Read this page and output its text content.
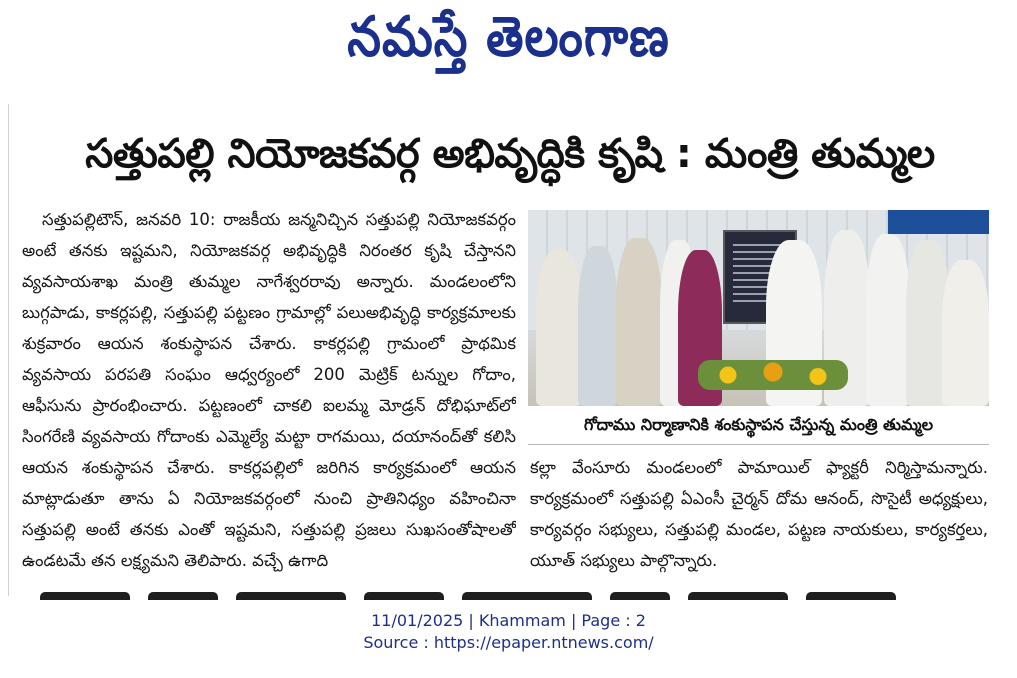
నమస్తే తెలంగాణ
సత్తుపల్లి నియోజకవర్గ అభివృద్ధికి కృషి : మంత్రి తుమ్మల

సత్తుపల్లిటౌన్, జనవరి 10: రాజకీయ జన్మనిచ్చిన సత్తుపల్లి నియోజకవర్గం అంటే తనకు ఇష్టమని, నియోజకవర్గ అభివృద్ధికి నిరంతర కృషి చేస్తానని వ్యవసాయశాఖ మంత్రి తుమ్మల నాగేశ్వరరావు అన్నారు. మండలంలోని బుగ్గపాడు, కాకర్లపల్లి, సత్తుపల్లి పట్టణం గ్రామాల్లో పలుఅభివృద్ధి కార్యక్రమాలకు శుక్రవారం ఆయన శంకుస్థాపన చేశారు. కాకర్లపల్లి గ్రామంలో ప్రాథమిక వ్యవసాయ పరపతి సంఘం ఆధ్వర్యంలో 200 మెట్రిక్ టన్నుల గోదాం, ఆఫీసును ప్రారంభించారు. పట్టణంలో చాకలి ఐలమ్మ మోడ్రన్ దోభిఘాట్‌లో సింగరేణి వ్యవసాయ గోదాంకు ఎమ్మెల్యే మట్టా రాగమయి, దయానంద్‌తో కలిసి ఆయన శంకుస్థాపన చేశారు. కాకర్లపల్లిలో జరిగిన కార్యక్రమంలో ఆయన మాట్లాడుతూ తాను ఏ నియోజకవర్గంలో నుంచి ప్రాతినిధ్యం వహించినా సత్తుపల్లి అంటే తనకు ఎంతో ఇష్టమని, సత్తుపల్లి ప్రజలు సుఖసంతోషాలతో ఉండటమే తన లక్ష్యమని తెలిపారు. వచ్చే ఉగాది

గోదాము నిర్మాణానికి శంకుస్థాపన చేస్తున్న మంత్రి తుమ్మల

కల్లా వేంసూరు మండలంలో పామాయిల్ ఫ్యాక్టరీ నిర్మిస్తామన్నారు. కార్యక్రమంలో సత్తుపల్లి ఏఎంసీ చైర్మన్ దోమ ఆనంద్, సొసైటీ అధ్యక్షులు, కార్యవర్గం సభ్యులు, సత్తుపల్లి మండల, పట్టణ నాయకులు, కార్యకర్తలు, యూత్ సభ్యులు పాల్గొన్నారు.

11/01/2025 | Khammam | Page : 2
Source : https://epaper.ntnews.com/
